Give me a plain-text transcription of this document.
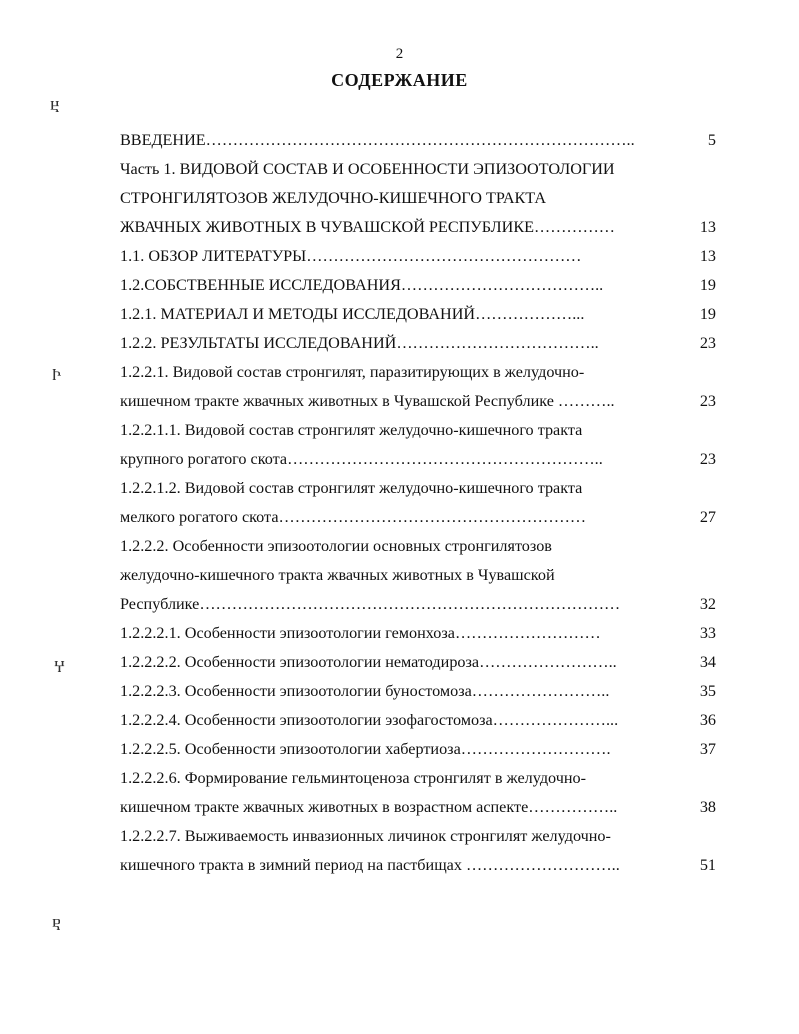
2
СОДЕРЖАНИЕ
Ⴞ
Ⴡ
Ⴤ
Ⴒ
ВВЕДЕНИЕ……………………………………………………………………..	5
Часть 1. ВИДОВОЙ СОСТАВ И ОСОБЕННОСТИ ЭПИЗООТОЛОГИИ
СТРОНГИЛЯТОЗОВ ЖЕЛУДОЧНО-КИШЕЧНОГО ТРАКТА
ЖВАЧНЫХ ЖИВОТНЫХ В ЧУВАШСКОЙ РЕСПУБЛИКЕ……………	13
1.1. ОБЗОР ЛИТЕРАТУРЫ……………………………………………	13
1.2.СОБСТВЕННЫЕ ИССЛЕДОВАНИЯ………………………………..	19
1.2.1. МАТЕРИАЛ И МЕТОДЫ ИССЛЕДОВАНИЙ………………...	19
1.2.2. РЕЗУЛЬТАТЫ ИССЛЕДОВАНИЙ………………………………..	23
1.2.2.1. Видовой состав стронгилят, паразитирующих в желудочно-
кишечном тракте жвачных животных в Чувашской Республике ………..	23
1.2.2.1.1. Видовой состав стронгилят желудочно-кишечного тракта
крупного рогатого скота…………………………………………………..	23
1.2.2.1.2. Видовой состав стронгилят желудочно-кишечного тракта
мелкого рогатого скота…………………………………………………	27
1.2.2.2. Особенности эпизоотологии основных стронгилятозов
желудочно-кишечного тракта жвачных животных в Чувашской
Республике……………………………………………………………………	32
1.2.2.2.1. Особенности эпизоотологии гемонхоза………………………	33
1.2.2.2.2. Особенности эпизоотологии нематодироза……………………..	34
1.2.2.2.3. Особенности эпизоотологии буностомоза……………………..	35
1.2.2.2.4. Особенности эпизоотологии эзофагостомоза…………………...	36
1.2.2.2.5. Особенности эпизоотологии хабертиоза……………………….	37
1.2.2.2.6. Формирование гельминтоценоза стронгилят в желудочно-
кишечном тракте жвачных животных в возрастном аспекте……………..	38
1.2.2.2.7. Выживаемость инвазионных личинок стронгилят желудочно-
кишечного тракта в зимний период на пастбищах ………………………..	51
